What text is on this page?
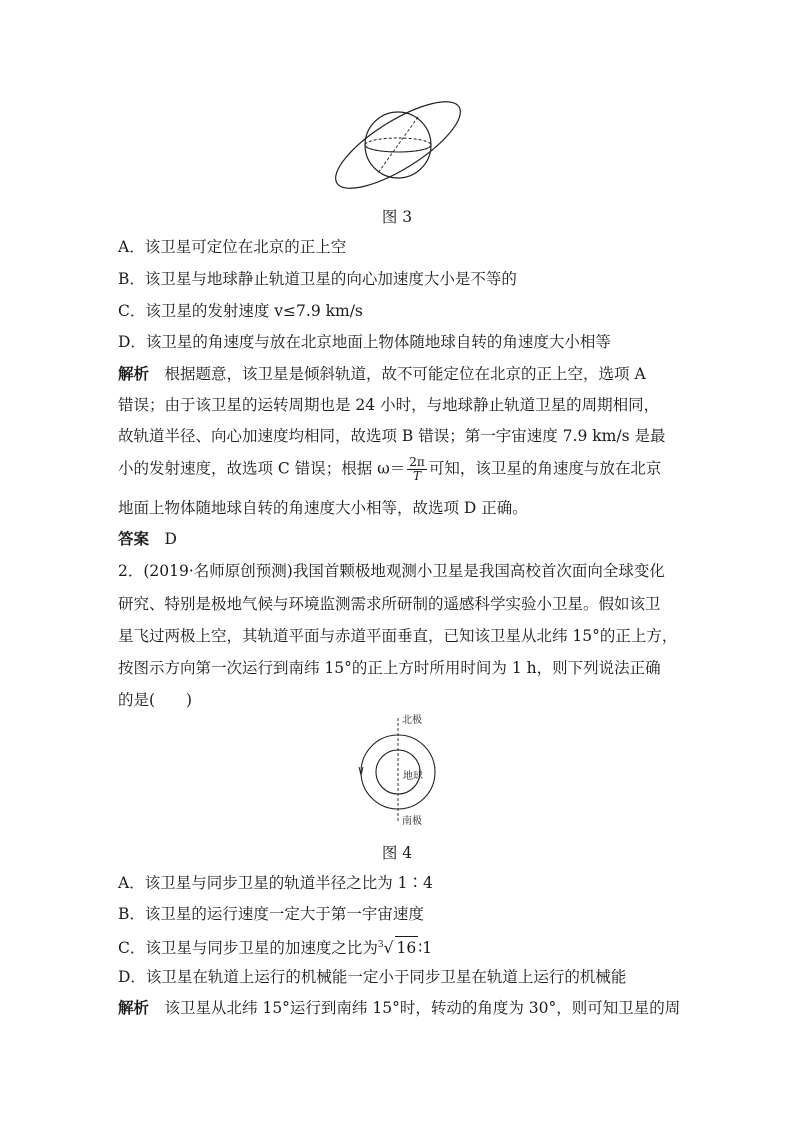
图 3
A．该卫星可定位在北京的正上空
B．该卫星与地球静止轨道卫星的向心加速度大小是不等的
C．该卫星的发射速度 v≤7.9 km/s
D．该卫星的角速度与放在北京地面上物体随地球自转的角速度大小相等
解析　 根据题意，该卫星是倾斜轨道，故不可能定位在北京的正上空，选项 A
错误；由于该卫星的运转周期也是 24 小时，与地球静止轨道卫星的周期相同，
故轨道半径、向心加速度均相同，故选项 B 错误；第一宇宙速度 7.9 km/s 是最
小的发射速度，故选项 C 错误；根据 $\omega= \frac{2\pi}{T}$ 可知，该卫星的角速度与放在北京
地面上物体随地球自转的角速度大小相等，故选项 D 正确。
答案　 D
2．(2019·名师原创预测)我国首颗极地观测小卫星是我国高校首次面向全球变化
研究、特别是极地气候与环境监测需求所研制的遥感科学实验小卫星。假如该卫
星飞过两极上空，其轨道平面与赤道平面垂直，已知该卫星从北纬 15°的正上方，
按图示方向第一次运行到南纬 15°的正上方时所用时间为 1 h，则下列说法正确
的是(　　)
北极
地球
南极
图 4
A．该卫星与同步卫星的轨道半径之比为 1∶4
B．该卫星的运行速度一定大于第一宇宙速度
C．该卫星与同步卫星的加速度之比为$^3$√ 16 ∶1
D．该卫星在轨道上运行的机械能一定小于同步卫星在轨道上运行的机械能
解析　 该卫星从北纬 15°运行到南纬 15°时，转动的角度为 30°，则可知卫星的周
